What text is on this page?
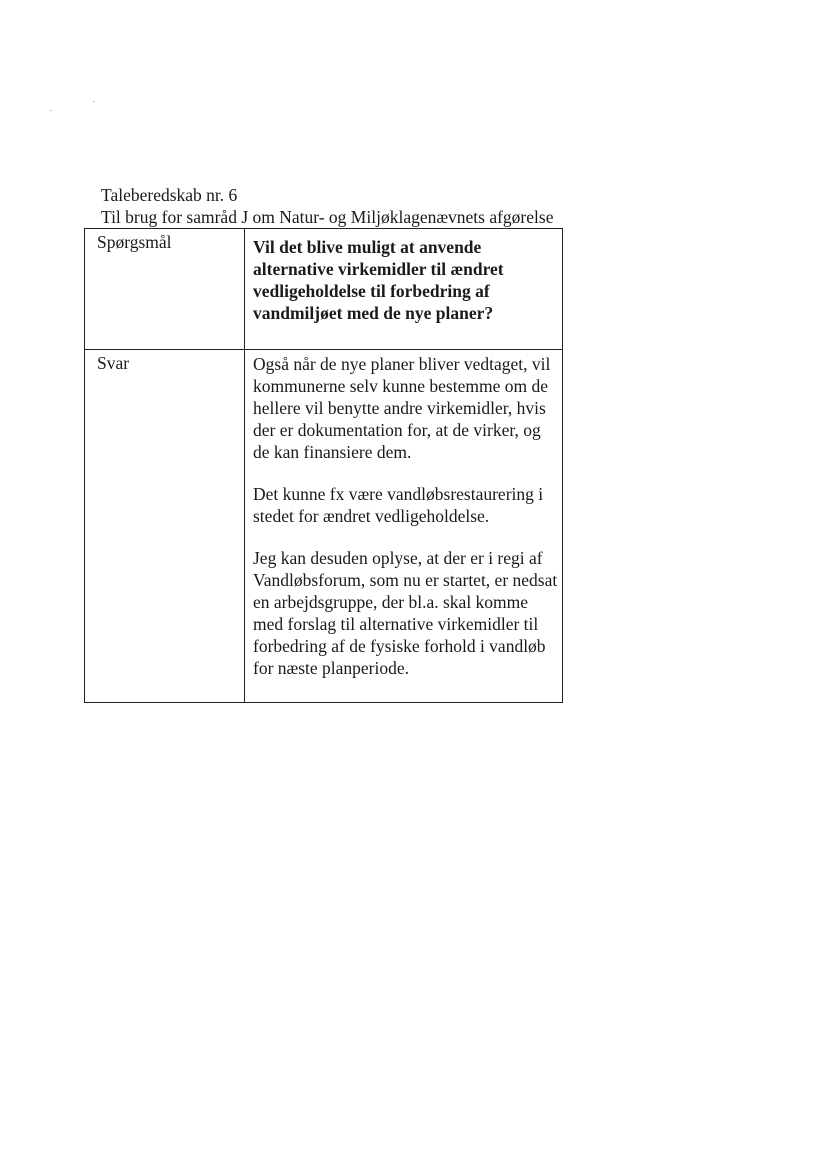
Taleberedskab nr. 6
Til brug for samråd J om Natur- og Miljøklagenævnets afgørelse
Spørgsmål	Vil det blive muligt at anvende alternative virkemidler til ændret vedligeholdelse til forbedring af vandmiljøet med de nye planer?

Svar	Også når de nye planer bliver vedtaget, vil kommunerne selv kunne bestemme om de hellere vil benytte andre virkemidler, hvis der er dokumentation for, at de virker, og de kan finansiere dem.

Det kunne fx være vandløbsrestaurering i stedet for ændret vedligeholdelse.

Jeg kan desuden oplyse, at der er i regi af Vandløbsforum, som nu er startet, er nedsat en arbejdsgruppe, der bl.a. skal komme med forslag til alternative virkemidler til forbedring af de fysiske forhold i vandløb for næste planperiode.
